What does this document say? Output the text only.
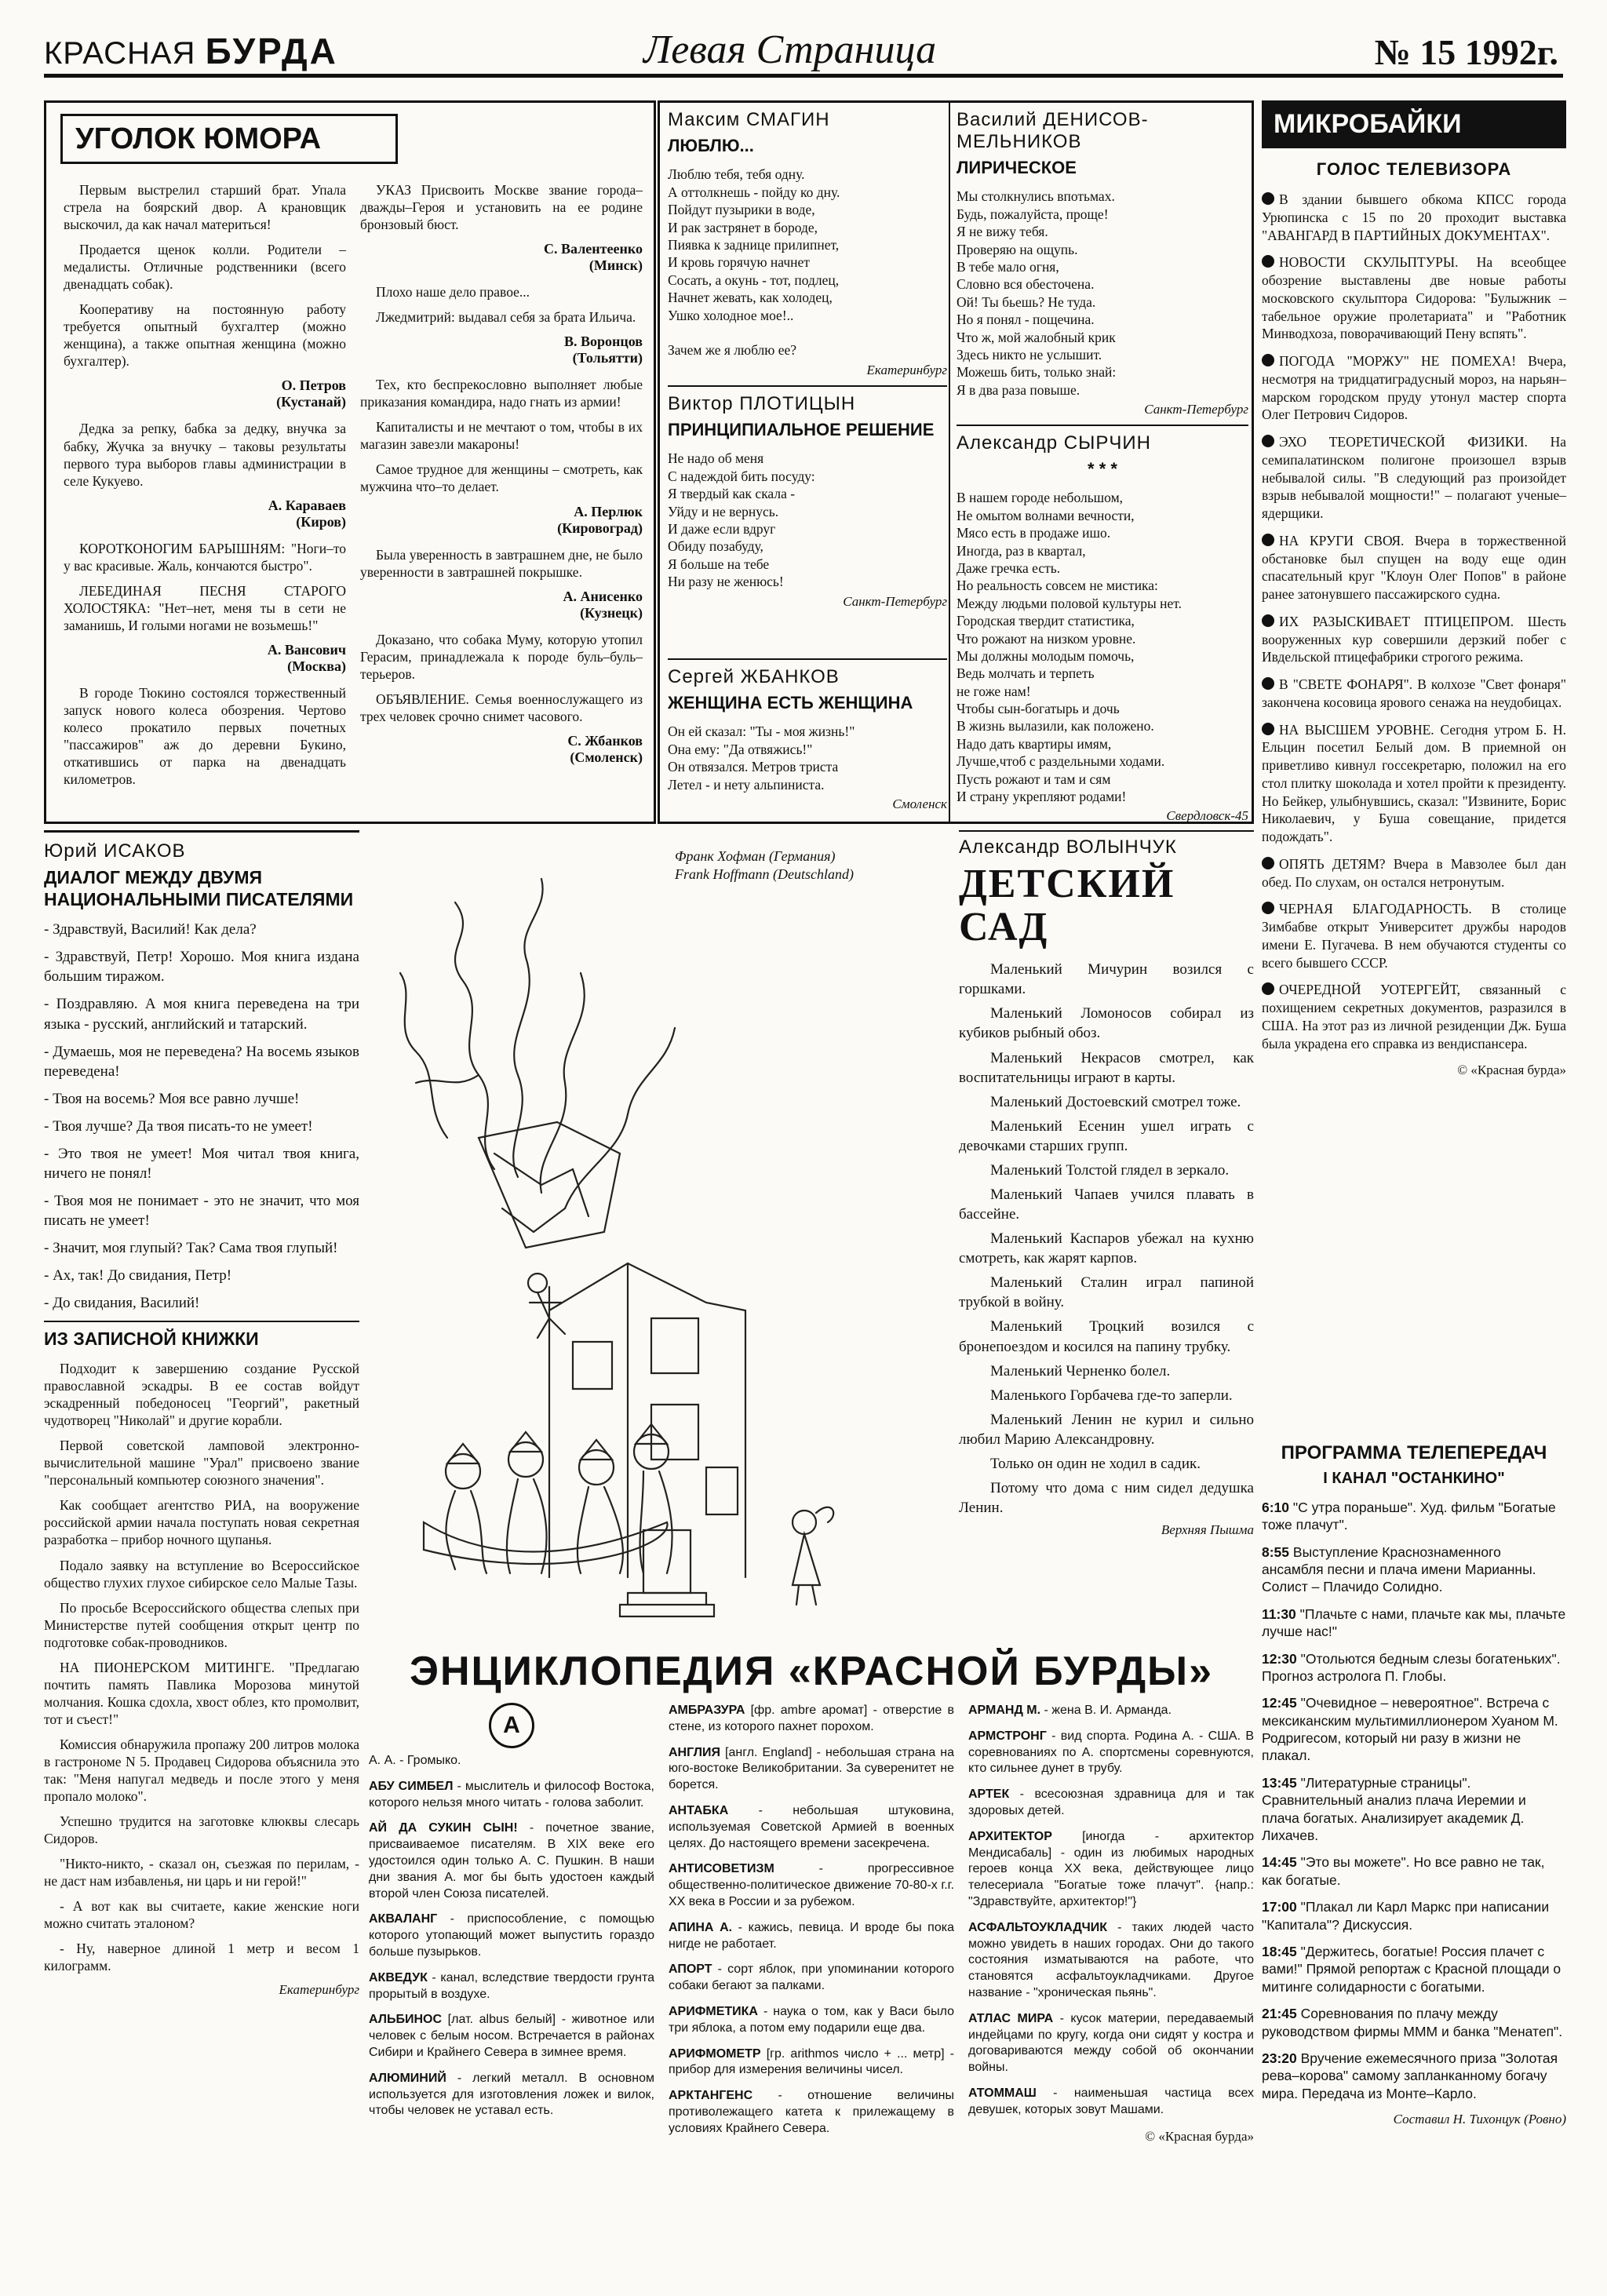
КРАСНАЯ БУРДА	Левая Страница	№ 15 1992г.
УГОЛОК ЮМОРА

Первым выстрелил старший брат. Упала стрела на боярский двор. А крановщик выскочил, да как начал материться!

Продается щенок колли. Родители – медалисты. Отличные родственники (всего двенадцать собак).

Кооперативу на постоянную работу требуется опытный бухгалтер (можно женщина), а также опытная женщина (можно бухгалтер).

О. Петров

(Кустанай)

Дедка за репку, бабка за дедку, внучка за бабку, Жучка за внучку – таковы результаты первого тура выборов главы администрации в селе Кукуево.

А. Караваев

(Киров)

КОРОТКОНОГИМ БАРЫШНЯМ: "Ноги–то у вас красивые. Жаль, кончаются быстро".

ЛЕБЕДИНАЯ ПЕСНЯ СТАРОГО ХОЛОСТЯКА: "Нет–нет, меня ты в сети не заманишь, И голыми ногами не возьмешь!"

А. Вансович

(Москва)

В городе Тюкино состоялся торжественный запуск нового колеса обозрения. Чертово колесо прокатило первых почетных "пассажиров" аж до деревни Букино, откатившись от парка на двенадцать километров.

УКАЗ Присвоить Москве звание города–дважды–Героя и установить на ее родине бронзовый бюст.

С. Валентеенко

(Минск)

Плохо наше дело правое...

Лжедмитрий: выдавал себя за брата Ильича.

В. Воронцов

(Тольятти)

Тех, кто беспрекословно выполняет любые приказания командира, надо гнать из армии!

Капиталисты и не мечтают о том, чтобы в их магазин завезли макароны!

Самое трудное для женщины – смотреть, как мужчина что–то делает.

А. Перлюк

(Кировоград)

Была уверенность в завтрашнем дне, не было уверенности в завтрашней покрышке.

А. Анисенко

(Кузнецк)

Доказано, что собака Муму, которую утопил Герасим, принадлежала к породе буль–буль–терьеров.

ОБЪЯВЛЕНИЕ. Семья военнослужащего из трех человек срочно снимет часового.

С. Жбанков

(Смоленск)

Максим СМАГИН

ЛЮБЛЮ...

Люблю тебя, тебя одну.

А оттолкнешь - пойду ко дну.

Пойдут пузырики в воде,

И рак застрянет в бороде,

Пиявка к заднице прилипнет,

И кровь горячую начнет

Сосать, а окунь - тот, подлец,

Начнет жевать, как холодец,

Ушко холодное мое!..

Зачем же я люблю ее?

Екатеринбург

Виктор ПЛОТИЦЫН

ПРИНЦИПИАЛЬНОЕ РЕШЕНИЕ

Не надо об меня

С надеждой бить посуду:

Я твердый как скала -

Уйду и не вернусь.

И даже если вдруг

Обиду позабуду,

Я больше на тебе

Ни разу не женюсь!

Санкт-Петербург

Сергей ЖБАНКОВ

ЖЕНЩИНА ЕСТЬ ЖЕНЩИНА

Он ей сказал: "Ты - моя жизнь!"

Она ему: "Да отвяжись!"

Он отвязался. Метров триста

Летел - и нету альпиниста.

Смоленск

Василий ДЕНИСОВ-МЕЛЬНИКОВ

ЛИРИЧЕСКОЕ

Мы столкнулись впотьмах.

Будь, пожалуйста, проще!

Я не вижу тебя.

Проверяю на ощупь.

В тебе мало огня,

Словно вся обесточена.

Ой! Ты бьешь? Не туда.

Но я понял - пощечина.

Что ж, мой жалобный крик

Здесь никто не услышит.

Можешь бить, только знай:

Я в два раза повыше.

Санкт-Петербург

Александр СЫРЧИН

* * *

В нашем городе небольшом,

Не омытом волнами вечности,

Мясо есть в продаже ишо.

Иногда, раз в квартал,

Даже гречка есть.

Но реальность совсем не мистика:

Между людьми половой культуры нет.

Городская твердит статистика,

Что рожают на низком уровне.

Мы должны молодым помочь,

Ведь молчать и терпеть

не гоже нам!

Чтобы сын-богатырь и дочь

В жизнь вылазили, как положено.

Надо дать квартиры имям,

Лучше,чтоб с раздельными ходами.

Пусть рожают и там и сям

И страну укрепляют родами!

Свердловск-45

МИКРОБАЙКИ
ГОЛОС ТЕЛЕВИЗОРА

В здании бывшего обкома КПСС города Урюпинска с 15 по 20 проходит выставка "АВАНГАРД В ПАРТИЙНЫХ ДОКУМЕНТАХ".

НОВОСТИ СКУЛЬПТУРЫ. На всеобщее обозрение выставлены две новые работы московского скульптора Сидорова: "Булыжник – табельное оружие пролетариата" и "Работник Минводхоза, поворачивающий Пену вспять".

ПОГОДА "МОРЖУ" НЕ ПОМЕХА! Вчера, несмотря на тридцатиградусный мороз, на нарьян–марском городском пруду утонул мастер спорта Олег Петрович Сидоров.

ЭХО ТЕОРЕТИЧЕСКОЙ ФИЗИКИ. На семипалатинском полигоне произошел взрыв небывалой силы. "В следующий раз произойдет взрыв небывалой мощности!" – полагают ученые–ядерщики.

НА КРУГИ СВОЯ. Вчера в торжественной обстановке был спущен на воду еще один спасательный круг "Клоун Олег Попов" в районе ранее затонувшего пассажирского судна.

ИХ РАЗЫСКИВАЕТ ПТИЦЕПРОМ. Шесть вооруженных кур совершили дерзкий побег с Ивдельской птицефабрики строгого режима.

В "СВЕТЕ ФОНАРЯ". В колхозе "Свет фонаря" закончена косовица ярового сенажа на неудобицах.

НА ВЫСШЕМ УРОВНЕ. Сегодня утром Б. Н. Ельцин посетил Белый дом. В приемной он приветливо кивнул госсекретарю, положил на его стол плитку шоколада и хотел пройти к президенту. Но Бейкер, улыбнувшись, сказал: "Извините, Борис Николаевич, у Буша совещание, придется подождать".

ОПЯТЬ ДЕТЯМ? Вчера в Мавзолее был дан обед. По слухам, он остался нетронутым.

ЧЕРНАЯ БЛАГОДАРНОСТЬ. В столице Зимбабве открыт Университет дружбы народов имени Е. Пугачева. В нем обучаются студенты со всего бывшего СССР.

ОЧЕРЕДНОЙ УОТЕРГЕЙТ, связанный с похищением секретных документов, разразился в США. На этот раз из личной резиденции Дж. Буша была украдена его справка из вендиспансера.

© «Красная бурда»

ПРОГРАММА ТЕЛЕПЕРЕДАЧ
I КАНАЛ "ОСТАНКИНО"

6:10 "С утра пораньше". Худ. фильм "Богатые тоже плачут".

8:55 Выступление Краснознаменного ансамбля песни и плача имени Марианны. Солист – Плачидо Солидно.

11:30 "Плачьте с нами, плачьте как мы, плачьте лучше нас!"

12:30 "Отольются бедным слезы богатеньких". Прогноз астролога П. Глобы.

12:45 "Очевидное – невероятное". Встреча с мексиканским мультимиллионером Хуаном М. Родригесом, который ни разу в жизни не плакал.

13:45 "Литературные страницы". Сравнительный анализ плача Иеремии и плача богатых. Анализирует академик Д. Лихачев.

14:45 "Это вы можете". Но все равно не так, как богатые.

17:00 "Плакал ли Карл Маркс при написании "Капитала"? Дискуссия.

18:45 "Держитесь, богатые! Россия плачет с вами!" Прямой репортаж с Красной площади о митинге солидарности с богатыми.

21:45 Соревнования по плачу между руководством фирмы МММ и банка "Менатеп".

23:20 Вручение ежемесячного приза "Золотая рева–корова" самому запланканному богачу мира. Передача из Монте–Карло.

Составил Н. Тихонцук (Ровно)

Юрий ИСАКОВ

ДИАЛОГ МЕЖДУ ДВУМЯ НАЦИОНАЛЬНЫМИ ПИСАТЕЛЯМИ

- Здравствуй, Василий! Как дела?

- Здравствуй, Петр! Хорошо. Моя книга издана большим тиражом.

- Поздравляю. А моя книга переведена на три языка - русский, английский и татарский.

- Думаешь, моя не переведена? На восемь языков переведена!

- Твоя на восемь? Моя все равно лучше!

- Твоя лучше? Да твоя писать-то не умеет!

- Это твоя не умеет! Моя читал твоя книга, ничего не понял!

- Твоя моя не понимает - это не значит, что моя писать не умеет!

- Значит, моя глупый? Так? Сама твоя глупый!

- Ах, так! До свидания, Петр!

- До свидания, Василий!

ИЗ ЗАПИСНОЙ КНИЖКИ

Подходит к завершению создание Русской православной эскадры. В ее состав войдут эскадренный победоносец "Георгий", ракетный чудотворец "Николай" и другие корабли.

Первой советской ламповой электронно-вычислительной машине "Урал" присвоено звание "персональный компьютер союзного значения".

Как сообщает агентство РИА, на вооружение российской армии начала поступать новая секретная разработка – прибор ночного щупанья.

Подало заявку на вступление во Всероссийское общество глухих глухое сибирское село Малые Тазы.

По просьбе Всероссийского общества слепых при Министерстве путей сообщения открыт центр по подготовке собак-проводников.

НА ПИОНЕРСКОМ МИТИНГЕ. "Предлагаю почтить память Павлика Морозова минутой молчания. Кошка сдохла, хвост облез, кто промолвит, тот и съест!"

Комиссия обнаружила пропажу 200 литров молока в гастрономе N 5. Продавец Сидорова объяснила это так: "Меня напугал медведь и после этого у меня пропало молоко".

Успешно трудится на заготовке клюквы слесарь Сидоров.

"Никто-никто, - сказал он, съезжая по перилам, - не даст нам избавленья, ни царь и ни герой!"

- А вот как вы считаете, какие женские ноги можно считать эталоном?

- Ну, наверное длиной 1 метр и весом 1 килограмм.

Екатеринбург

Франк Хофман (Германия)
Frank Hoffmann (Deutschland)

Александр ВОЛЫНЧУК

ДЕТСКИЙ САД

Маленький Мичурин возился с горшками.

Маленький Ломоносов собирал из кубиков рыбный обоз.

Маленький Некрасов смотрел, как воспитательницы играют в карты.

Маленький Достоевский смотрел тоже.

Маленький Есенин ушел играть с девочками старших групп.

Маленький Толстой глядел в зеркало.

Маленький Чапаев учился плавать в бассейне.

Маленький Каспаров убежал на кухню смотреть, как жарят карпов.

Маленький Сталин играл папиной трубкой в войну.

Маленький Троцкий возился с бронепоездом и косился на папину трубку.

Маленький Черненко болел.

Маленького Горбачева где-то заперли.

Маленький Ленин не курил и сильно любил Марию Александровну.

Только он один не ходил в садик.

Потому что дома с ним сидел дедушка Ленин.

Верхняя Пышма

ЭНЦИКЛОПЕДИЯ «КРАСНОЙ БУРДЫ»
А

А. А. - Громыко.

АБУ СИМБЕЛ - мыслитель и философ Востока, которого нельзя много читать - голова заболит.

АЙ ДА СУКИН СЫН! - почетное звание, присваиваемое писателям. В XIX веке его удостоился один только А. С. Пушкин. В наши дни звания А. мог бы быть удостоен каждый второй член Союза писателей.

АКВАЛАНГ - приспособление, с помощью которого утопающий может выпустить гораздо больше пузырьков.

АКВЕДУК - канал, вследствие твердости грунта прорытый в воздухе.

АЛЬБИНОС [лат. albus белый] - животное или человек с белым носом. Встречается в районах Сибири и Крайнего Севера в зимнее время.

АЛЮМИНИЙ - легкий металл. В основном используется для изготовления ложек и вилок, чтобы человек не уставал есть.

АМБРАЗУРА [фр. ambre аромат] - отверстие в стене, из которого пахнет порохом.

АНГЛИЯ [англ. England] - небольшая страна на юго-востоке Великобритании. За суверенитет не борется.

АНТАБКА - небольшая штуковина, используемая Советской Армией в военных целях. До настоящего времени засекречена.

АНТИСОВЕТИЗМ - прогрессивное общественно-политическое движение 70-80-х г.г. XX века в России и за рубежом.

АПИНА А. - кажись, певица. И вроде бы пока нигде не работает.

АПОРТ - сорт яблок, при упоминании которого собаки бегают за палками.

АРИФМЕТИКА - наука о том, как у Васи было три яблока, а потом ему подарили еще два.

АРИФМОМЕТР [гр. arithmos число + ... метр] - прибор для измерения величины чисел.

АРКТАНГЕНС - отношение величины противолежащего катета к прилежащему в условиях Крайнего Севера.

АРМАНД М. - жена В. И. Арманда.

АРМСТРОНГ - вид спорта. Родина А. - США. В соревнованиях по А. спортсмены соревнуются, кто сильнее дунет в трубу.

АРТЕК - всесоюзная здравница для и так здоровых детей.

АРХИТЕКТОР [иногда - архитектор Мендисабаль] - один из любимых народных героев конца XX века, действующее лицо телесериала "Богатые тоже плачут". {напр.: "Здравствуйте, архитектор!"}

АСФАЛЬТОУКЛАДЧИК - таких людей часто можно увидеть в наших городах. Они до такого состояния изматываются на работе, что становятся асфальтоукладчиками. Другое название - "хроническая пьянь".

АТЛАС МИРА - кусок материи, передаваемый индейцами по кругу, когда они сидят у костра и договариваются между собой об окончании войны.

АТОММАШ - наименьшая частица всех девушек, которых зовут Машами.

© «Красная бурда»
